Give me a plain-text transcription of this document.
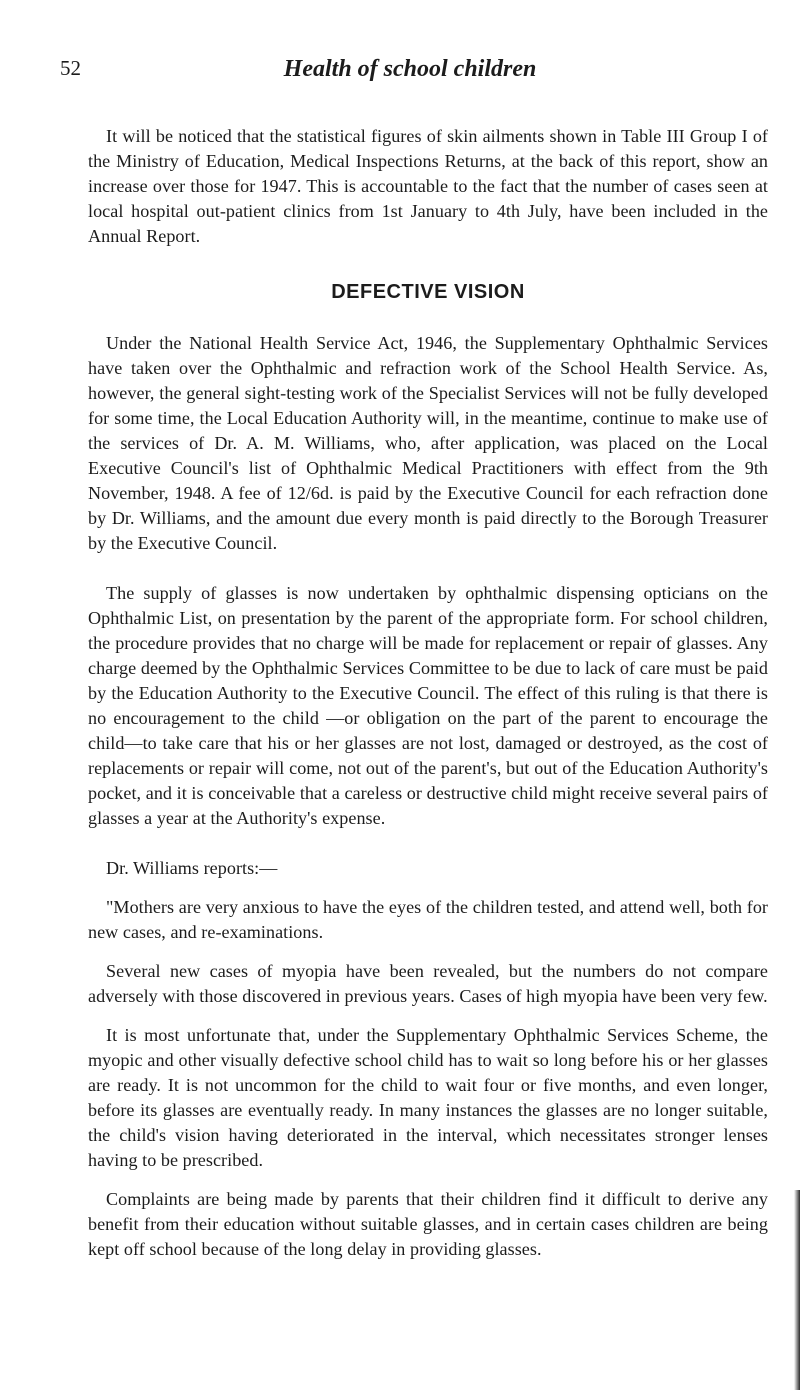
52	Health of school children

It will be noticed that the statistical figures of skin ailments shown in Table III Group I of the Ministry of Education, Medical Inspections Returns, at the back of this report, show an increase over those for 1947. This is accountable to the fact that the number of cases seen at local hospital out-patient clinics from 1st January to 4th July, have been included in the Annual Report.

DEFECTIVE VISION

Under the National Health Service Act, 1946, the Supplementary Ophthalmic Services have taken over the Ophthalmic and refraction work of the School Health Service. As, however, the general sight-testing work of the Specialist Services will not be fully developed for some time, the Local Education Authority will, in the meantime, continue to make use of the services of Dr. A. M. Williams, who, after application, was placed on the Local Executive Council's list of Ophthalmic Medical Practitioners with effect from the 9th November, 1948. A fee of 12/6d. is paid by the Executive Council for each refraction done by Dr. Williams, and the amount due every month is paid directly to the Borough Treasurer by the Executive Council.

The supply of glasses is now undertaken by ophthalmic dispensing opticians on the Ophthalmic List, on presentation by the parent of the appropriate form. For school children, the procedure provides that no charge will be made for replacement or repair of glasses. Any charge deemed by the Ophthalmic Services Committee to be due to lack of care must be paid by the Education Authority to the Executive Council. The effect of this ruling is that there is no encouragement to the child —or obligation on the part of the parent to encourage the child—to take care that his or her glasses are not lost, damaged or destroyed, as the cost of replacements or repair will come, not out of the parent's, but out of the Education Authority's pocket, and it is conceivable that a careless or destructive child might receive several pairs of glasses a year at the Authority's expense.

Dr. Williams reports:—

"Mothers are very anxious to have the eyes of the children tested, and attend well, both for new cases, and re-examinations.

Several new cases of myopia have been revealed, but the numbers do not compare adversely with those discovered in previous years. Cases of high myopia have been very few.

It is most unfortunate that, under the Supplementary Ophthalmic Services Scheme, the myopic and other visually defective school child has to wait so long before his or her glasses are ready. It is not uncommon for the child to wait four or five months, and even longer, before its glasses are eventually ready. In many instances the glasses are no longer suitable, the child's vision having deteriorated in the interval, which necessitates stronger lenses having to be prescribed.

Complaints are being made by parents that their children find it difficult to derive any benefit from their education without suitable glasses, and in certain cases children are being kept off school because of the long delay in providing glasses.
